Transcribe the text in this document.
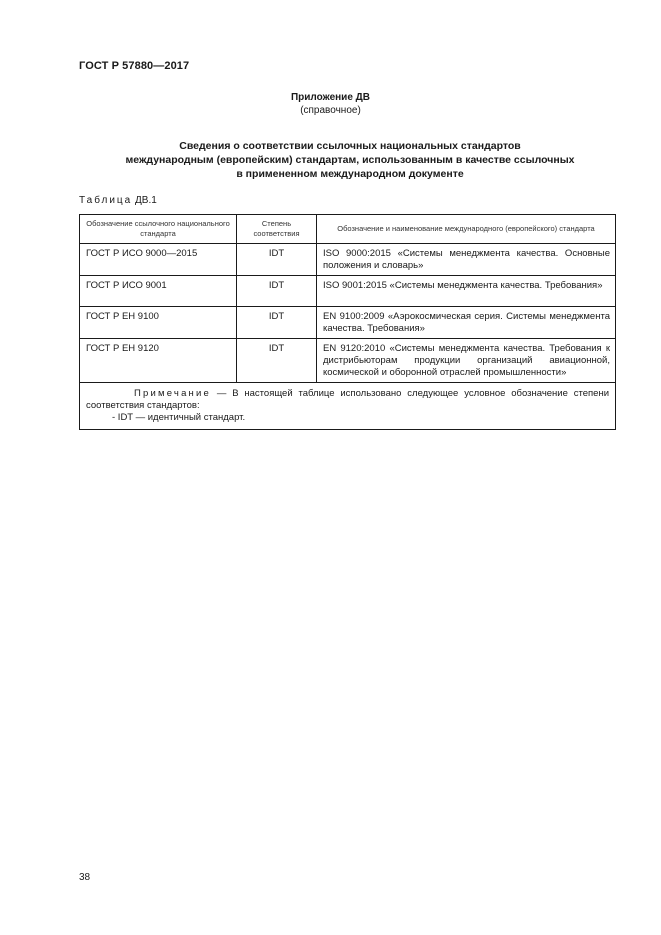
ГОСТ Р 57880—2017
Приложение ДВ
(справочное)
Сведения о соответствии ссылочных национальных стандартов
международным (европейским) стандартам, использованным в качестве ссылочных
в примененном международном документе
Таблица ДВ.1
Обозначение ссылочного национального стандарта	Степень соответствия	Обозначение и наименование международного (европейского) стандарта
ГОСТ Р ИСО 9000—2015	IDT	ISO 9000:2015 «Системы менеджмента качества. Основные положения и словарь»
ГОСТ Р ИСО 9001	IDT	ISO 9001:2015 «Системы менеджмента качества. Требования»
ГОСТ Р ЕН 9100	IDT	EN 9100:2009 «Аэрокосмическая серия. Системы менеджмента качества. Требования»
ГОСТ Р ЕН 9120	IDT	EN 9120:2010 «Системы менеджмента качества. Требования к дистрибьюторам продукции организаций авиационной, космической и оборонной отраслей промышленности»

Примечание — В настоящей таблице использовано следующее условное обозначение степени соответствия стандартов:
- IDT — идентичный стандарт.		
38
